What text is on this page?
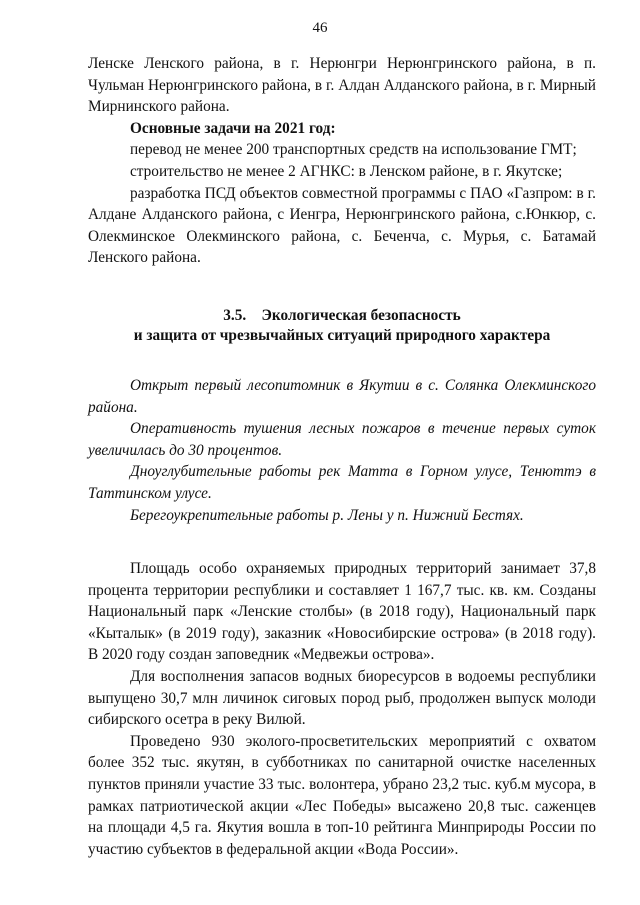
46

Ленске Ленского района, в г. Нерюнгри Нерюнгринского района, в п. Чульман Нерюнгринского района, в г. Алдан Алданского района, в г. Мирный Мирнинского района.

Основные задачи на 2021 год:

перевод не менее 200 транспортных средств на использование ГМТ;

строительство не менее 2 АГНКС: в Ленском районе, в г. Якутске;

разработка ПСД объектов совместной программы с ПАО «Газпром: в г. Алдане Алданского района, с Иенгра, Нерюнгринского района, с.Юнкюр, с. Олекминское Олекминского района, с. Беченча, с. Мурья, с. Батамай Ленского района.

3.5. Экологическая безопасность
и защита от чрезвычайных ситуаций природного характера

Открыт первый лесопитомник в Якутии в с. Солянка Олекминского района.

Оперативность тушения лесных пожаров в течение первых суток увеличилась до 30 процентов.

Дноуглубительные работы рек Матта в Горном улусе, Тенюттэ в Таттинском улусе.

Берегоукрепительные работы р. Лены у п. Нижний Бестях.

Площадь особо охраняемых природных территорий занимает 37,8 процента территории республики и составляет 1 167,7 тыс. кв. км. Созданы Национальный парк «Ленские столбы» (в 2018 году), Национальный парк «Кыталык» (в 2019 году), заказник «Новосибирские острова» (в 2018 году). В 2020 году создан заповедник «Медвежьи острова».

Для восполнения запасов водных биоресурсов в водоемы республики выпущено 30,7 млн личинок сиговых пород рыб, продолжен выпуск молоди сибирского осетра в реку Вилюй.

Проведено 930 эколого-просветительских мероприятий с охватом более 352 тыс. якутян, в субботниках по санитарной очистке населенных пунктов приняли участие 33 тыс. волонтера, убрано 23,2 тыс. куб.м мусора, в рамках патриотической акции «Лес Победы» высажено 20,8 тыс. саженцев на площади 4,5 га. Якутия вошла в топ-10 рейтинга Минприроды России по участию субъектов в федеральной акции «Вода России».
